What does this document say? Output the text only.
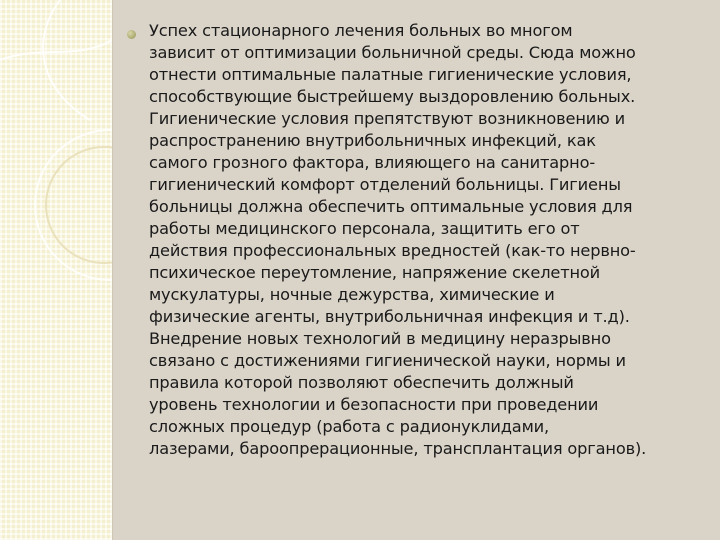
Успех стационарного лечения больных во многом
зависит от оптимизации больничной среды. Сюда можно
отнести оптимальные палатные гигиенические условия,
способствующие быстрейшему выздоровлению больных.
Гигиенические условия препятствуют возникновению и
распространению внутрибольничных инфекций, как
самого грозного фактора, влияющего на санитарно-
гигиенический комфорт отделений больницы. Гигиены
больницы должна обеспечить оптимальные условия для
работы медицинского персонала, защитить его от
действия профессиональных вредностей (как-то нервно-
психическое переутомление, напряжение скелетной
мускулатуры, ночные дежурства, химические и
физические агенты, внутрибольничная инфекция и т.д).
Внедрение новых технологий в медицину неразрывно
связано с достижениями гигиенической науки, нормы и
правила которой позволяют обеспечить должный
уровень технологии и безопасности при проведении
сложных процедур (работа с радионуклидами,
лазерами, бароопрерационные, трансплантация органов).
